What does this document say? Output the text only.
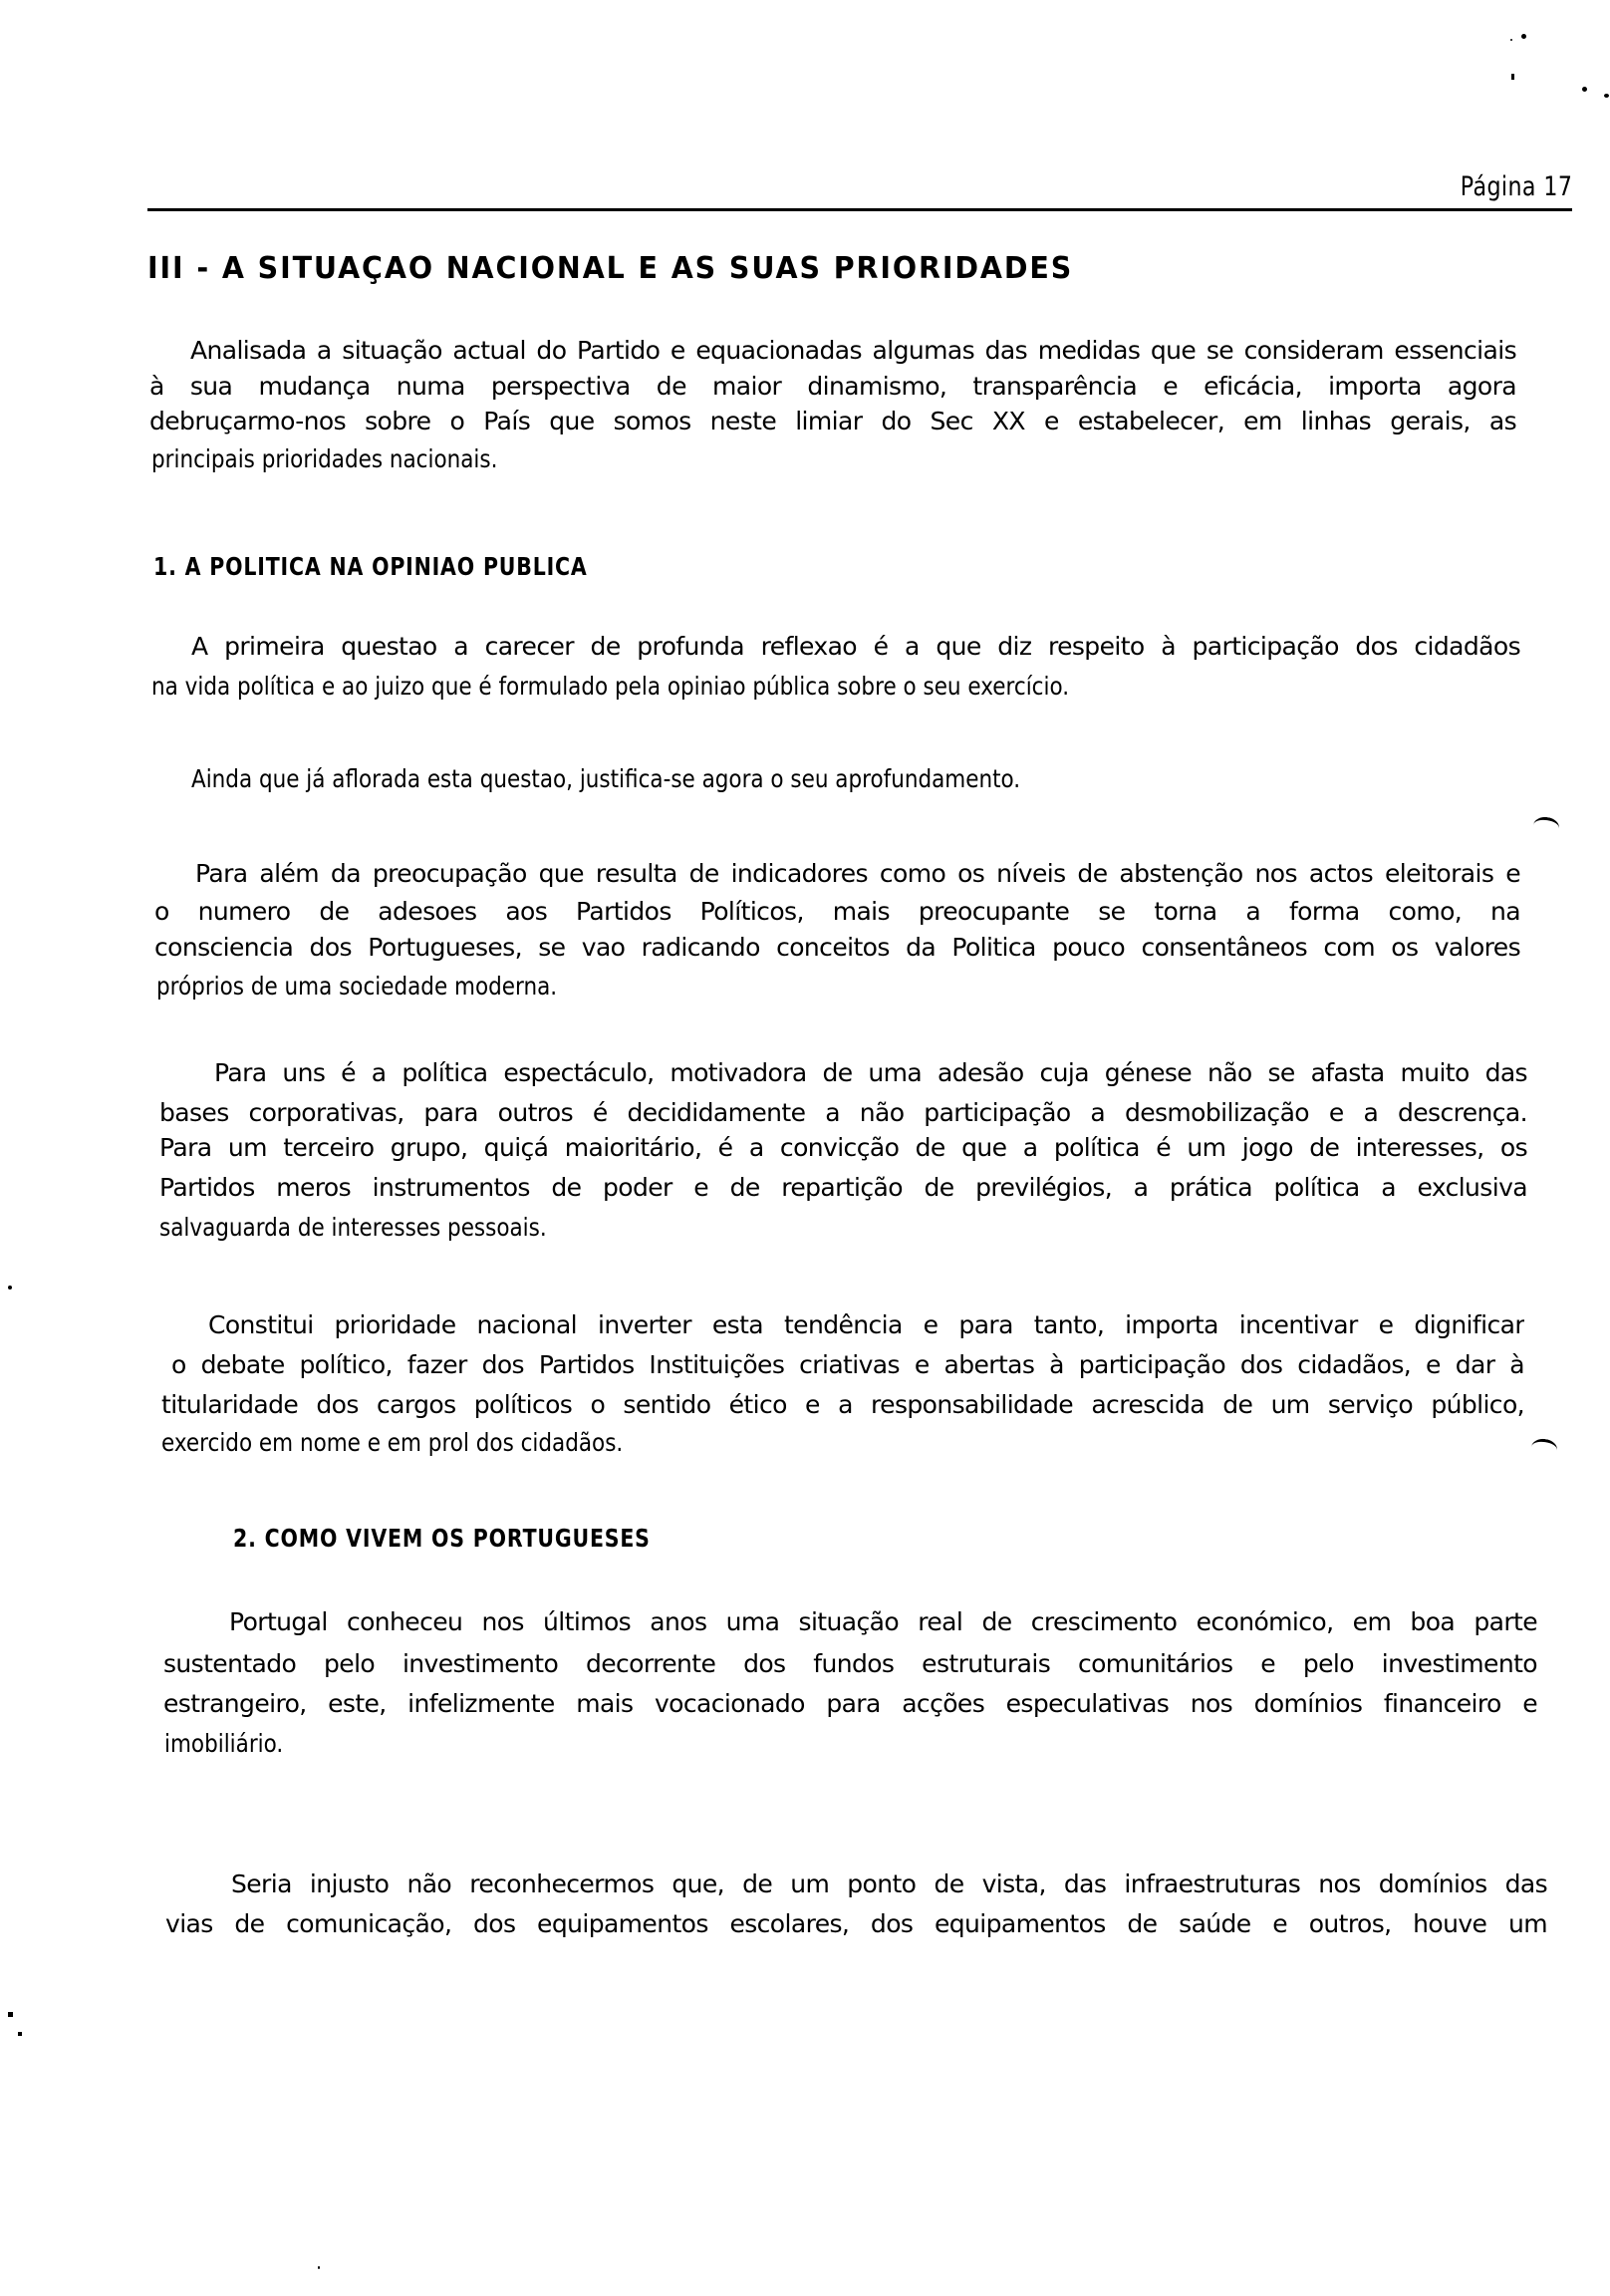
Página 17
III - A SITUAÇAO NACIONAL E AS SUAS PRIORIDADES
Analisada a situação actual do Partido e equacionadas algumas das medidas que se consideram essenciais
à sua mudança numa perspectiva de maior dinamismo, transparência e eficácia, importa agora
debruçarmo-nos sobre o País que somos neste limiar do Sec XX e estabelecer, em linhas gerais, as
principais prioridades nacionais.
1. A POLITICA NA OPINIAO PUBLICA
A primeira questao a carecer de profunda reflexao é a que diz respeito à participação dos cidadãos
na vida política e ao juizo que é formulado pela opiniao pública sobre o seu exercício.
Ainda que já aflorada esta questao, justifica-se agora o seu aprofundamento.
Para além da preocupação que resulta de indicadores como os níveis de abstenção nos actos eleitorais e
o numero de adesoes aos Partidos Políticos, mais preocupante se torna a forma como, na
consciencia dos Portugueses, se vao radicando conceitos da Politica pouco consentâneos com os valores
próprios de uma sociedade moderna.
Para uns é a política espectáculo, motivadora de uma adesão cuja génese não se afasta muito das
bases corporativas, para outros é decididamente a não participação a desmobilização e a descrença.
Para um terceiro grupo, quiçá maioritário, é a convicção de que a política é um jogo de interesses, os
Partidos meros instrumentos de poder e de repartição de previlégios, a prática política a exclusiva
salvaguarda de interesses pessoais.
Constitui prioridade nacional inverter esta tendência e para tanto, importa incentivar e dignificar
o debate político, fazer dos Partidos Instituições criativas e abertas à participação dos cidadãos, e dar à
titularidade dos cargos políticos o sentido ético e a responsabilidade acrescida de um serviço público,
exercido em nome e em prol dos cidadãos.
2. COMO VIVEM OS PORTUGUESES
Portugal conheceu nos últimos anos uma situação real de crescimento económico, em boa parte
sustentado pelo investimento decorrente dos fundos estruturais comunitários e pelo investimento
estrangeiro, este, infelizmente mais vocacionado para acções especulativas nos domínios financeiro e
imobiliário.
Seria injusto não reconhecermos que, de um ponto de vista, das infraestruturas nos domínios das
vias de comunicação, dos equipamentos escolares, dos equipamentos de saúde e outros, houve um
